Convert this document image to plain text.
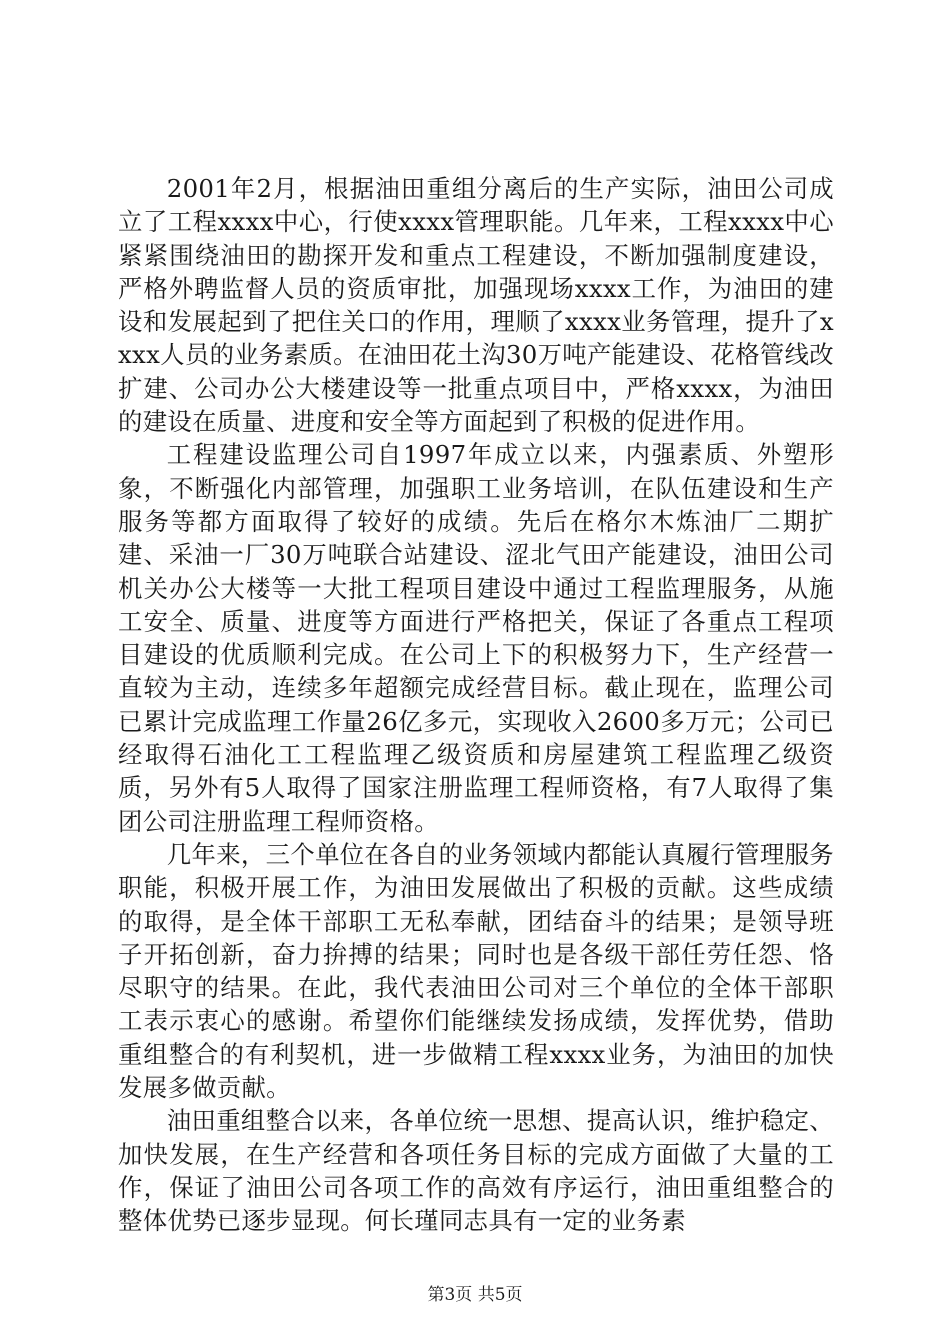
2001年2月，根据油田重组分离后的生产实际，油田公司成立了工程xxxx中心，行使xxxx管理职能。几年来，工程xxxx中心紧紧围绕油田的勘探开发和重点工程建设，不断加强制度建设，严格外聘监督人员的资质审批，加强现场xxxx工作，为油田的建设和发展起到了把住关口的作用，理顺了xxxx业务管理，提升了xxxx人员的业务素质。在油田花土沟30万吨产能建设、花格管线改扩建、公司办公大楼建设等一批重点项目中，严格xxxx，为油田的建设在质量、进度和安全等方面起到了积极的促进作用。

工程建设监理公司自1997年成立以来，内强素质、外塑形象，不断强化内部管理，加强职工业务培训，在队伍建设和生产服务等都方面取得了较好的成绩。先后在格尔木炼油厂二期扩建、采油一厂30万吨联合站建设、涩北气田产能建设，油田公司机关办公大楼等一大批工程项目建设中通过工程监理服务，从施工安全、质量、进度等方面进行严格把关，保证了各重点工程项目建设的优质顺利完成。在公司上下的积极努力下，生产经营一直较为主动，连续多年超额完成经营目标。截止现在，监理公司已累计完成监理工作量26亿多元，实现收入2600多万元；公司已经取得石油化工工程监理乙级资质和房屋建筑工程监理乙级资质，另外有5人取得了国家注册监理工程师资格，有7人取得了集团公司注册监理工程师资格。

几年来，三个单位在各自的业务领域内都能认真履行管理服务职能，积极开展工作，为油田发展做出了积极的贡献。这些成绩的取得，是全体干部职工无私奉献，团结奋斗的结果；是领导班子开拓创新，奋力拚搏的结果；同时也是各级干部任劳任怨、恪尽职守的结果。在此，我代表油田公司对三个单位的全体干部职工表示衷心的感谢。希望你们能继续发扬成绩，发挥优势，借助重组整合的有利契机，进一步做精工程xxxx业务，为油田的加快发展多做贡献。

油田重组整合以来，各单位统一思想、提高认识，维护稳定、加快发展，在生产经营和各项任务目标的完成方面做了大量的工作，保证了油田公司各项工作的高效有序运行，油田重组整合的整体优势已逐步显现。何长瑾同志具有一定的业务素

第3页 共5页
